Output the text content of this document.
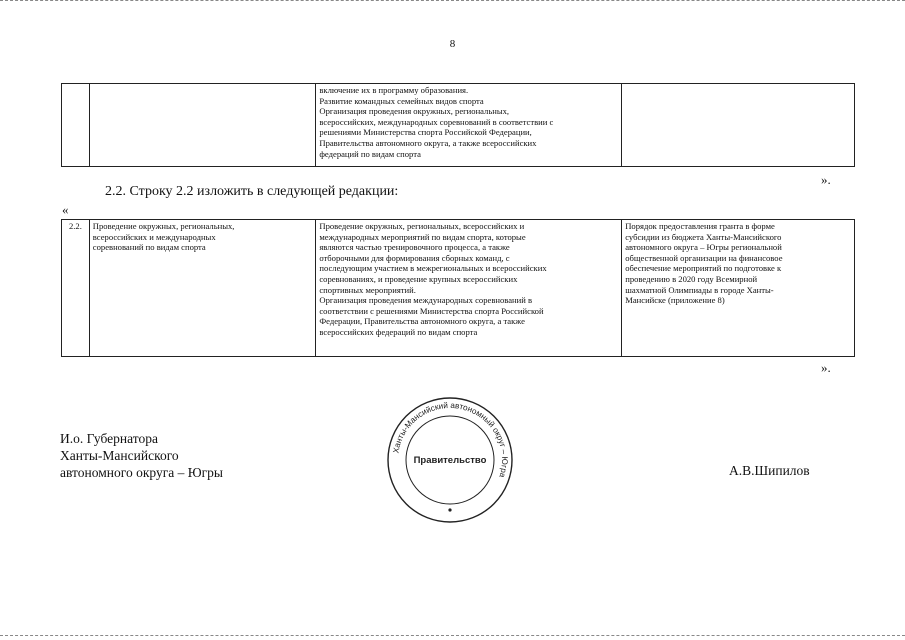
8
		включение их в программу образования.
Развитие командных семейных видов спорта
Организация проведения окружных, региональных,
всероссийских, международных соревнований в соответствии с
решениями Министерства спорта Российской Федерации,
Правительства автономного округа, а также всероссийских
федераций по видам спорта	
».
2.2. Строку 2.2 изложить в следующей редакции:
«
2.2.	Проведение окружных, региональных,
всероссийских и международных
соревнований по видам спорта	Проведение окружных, региональных, всероссийских и
международных мероприятий по видам спорта, которые
являются частью тренировочного процесса, а также
отборочными для формирования сборных команд, с
последующим участием в межрегиональных и всероссийских
соревнованиях, и проведение крупных всероссийских
спортивных мероприятий.
Организация проведения международных соревнований в
соответствии с решениями Министерства спорта Российской
Федерации, Правительства автономного округа, а также
всероссийских федераций по видам спорта	Порядок предоставления гранта в форме
субсидии из бюджета Ханты-Мансийского
автономного округа – Югры региональной
общественной организации на финансовое
обеспечение мероприятий по подготовке к
проведению в 2020 году Всемирной
шахматной Олимпиады в городе Ханты-
Мансийске (приложение 8)
».
И.о. Губернатора
Ханты-Мансийского
автономного округа – Югры
Ханты-Мансийский автономный округ – Югра
Правительство
А.В.Шипилов
